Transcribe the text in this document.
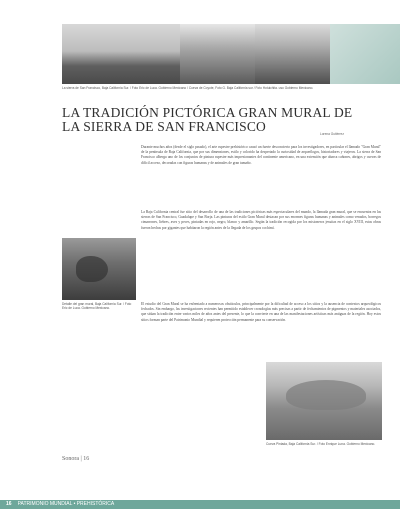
La sierra de San Francisco, Baja California Sur. / Foto Eric de Luca. Gobierno Mexicano / Cueva de Coyote, Foto G. Baja California sur / Foto Hotuichita. uso Gobierno Mexicano.
LA TRADICIÓN PICTÓRICA GRAN MURAL DE LA SIERRA DE SAN FRANCISCO	Lorena Gutiérrez

Durante muchos años (desde el siglo pasado), el arte rupestre prehistórico causó un fuerte desconcierto para los investigadores, en particular el llamado "Gran Mural" de la península de Baja California, que por sus dimensiones, estilo y colorido ha despertado la curiosidad de arqueólogos, historiadores y viajeros. La sierra de San Francisco alberga uno de los conjuntos de pintura rupestre más impresionantes del continente americano, en una extensión que abarca cañones, abrigos y cuevas de difícil acceso, decoradas con figuras humanas y de animales de gran tamaño.

La Baja California central fue sitio del desarrollo de una de las tradiciones pictóricas más espectaculares del mundo, la llamada gran mural, que se encuentra en las sierras de San Francisco, Guadalupe y San Borja. Las pinturas del estilo Gran Mural destacan por sus enormes figuras humanas y animales como venados, borregos cimarrones, liebres, aves y peces, pintadas en rojo, negro, blanco y amarillo. Según la tradición recogida por los misioneros jesuitas en el siglo XVIII, estas obras fueron hechas por gigantes que habitaron la región antes de la llegada de los grupos cochimí.

El estudio del Gran Mural se ha enfrentado a numerosos obstáculos, principalmente por la dificultad de acceso a los sitios y la ausencia de contextos arqueológicos fechados. Sin embargo, las investigaciones recientes han permitido establecer cronologías más precisas a partir de fechamientos de pigmentos y materiales asociados, que sitúan la tradición entre varios miles de años antes del presente, lo que la convierte en una de las manifestaciones artísticas más antiguas de la región. Hoy estos sitios forman parte del Patrimonio Mundial y requieren protección permanente para su conservación.

Detalle del gran mural, Baja California Sur. / Foto Eric de Luca. Gobierno Mexicano.
Cueva Pintada, Baja California Sur. / Foto Enrique Luna. Gobierno Mexicano.
Sonora | 16
16 PATRIMONIO MUNDIAL • PREHISTÓRICA
